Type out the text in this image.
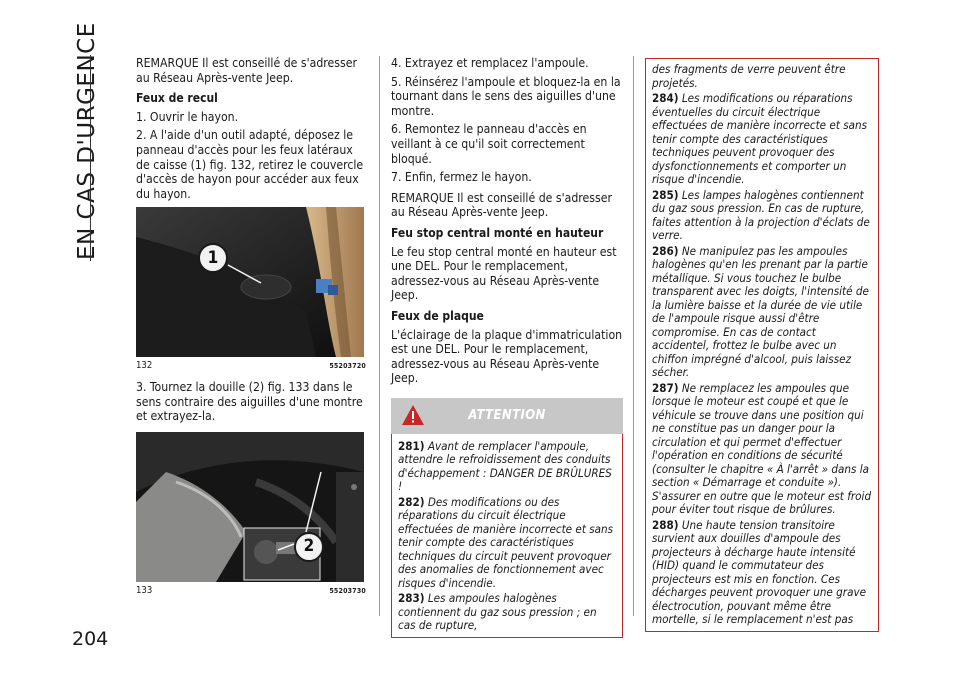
EN CAS D'URGENCE
204

REMARQUE Il est conseillé de s'adresser au Réseau Après-vente Jeep.

Feux de recul

1. Ouvrir le hayon.

2. A l'aide d'un outil adapté, déposez le panneau d'accès pour les feux latéraux de caisse (1) fig. 132, retirez le couvercle d'accès de hayon pour accéder aux feux du hayon.

1
132	55203720

3. Tournez la douille (2) fig. 133 dans le sens contraire des aiguilles d'une montre et extrayez-la.

2
133	55203730

4. Extrayez et remplacez l'ampoule.

5. Réinsérez l'ampoule et bloquez-la en la tournant dans le sens des aiguilles d'une montre.

6. Remontez le panneau d'accès en veillant à ce qu'il soit correctement bloqué.

7. Enfin, fermez le hayon.

REMARQUE Il est conseillé de s'adresser au Réseau Après-vente Jeep.

Feu stop central monté en hauteur

Le feu stop central monté en hauteur est une DEL. Pour le remplacement, adressez-vous au Réseau Après-vente Jeep.

Feux de plaque

L'éclairage de la plaque d'immatriculation est une DEL. Pour le remplacement, adressez-vous au Réseau Après-vente Jeep.

ATTENTION
281) Avant de remplacer l'ampoule, attendre le refroidissement des conduits d'échappement : DANGER DE BRÛLURES !
282) Des modifications ou des réparations du circuit électrique effectuées de manière incorrecte et sans tenir compte des caractéristiques techniques du circuit peuvent provoquer des anomalies de fonctionnement avec risques d'incendie.
283) Les ampoules halogènes contiennent du gaz sous pression ; en cas de rupture,
des fragments de verre peuvent être projetés.
284) Les modifications ou réparations éventuelles du circuit électrique effectuées de manière incorrecte et sans tenir compte des caractéristiques techniques peuvent provoquer des dysfonctionnements et comporter un risque d'incendie.
285) Les lampes halogènes contiennent du gaz sous pression. En cas de rupture, faites attention à la projection d'éclats de verre.
286) Ne manipulez pas les ampoules halogènes qu'en les prenant par la partie métallique. Si vous touchez le bulbe transparent avec les doigts, l'intensité de la lumière baisse et la durée de vie utile de l'ampoule risque aussi d'être compromise. En cas de contact accidentel, frottez le bulbe avec un chiffon imprégné d'alcool, puis laissez sécher.
287) Ne remplacez les ampoules que lorsque le moteur est coupé et que le véhicule se trouve dans une position qui ne constitue pas un danger pour la circulation et qui permet d'effectuer l'opération en conditions de sécurité (consulter le chapitre « À l'arrêt » dans la section « Démarrage et conduite »). S'assurer en outre que le moteur est froid pour éviter tout risque de brûlures.
288) Une haute tension transitoire survient aux douilles d'ampoule des projecteurs à décharge haute intensité (HID) quand le commutateur des projecteurs est mis en fonction. Ces décharges peuvent provoquer une grave électrocution, pouvant même être mortelle, si le remplacement n'est pas
